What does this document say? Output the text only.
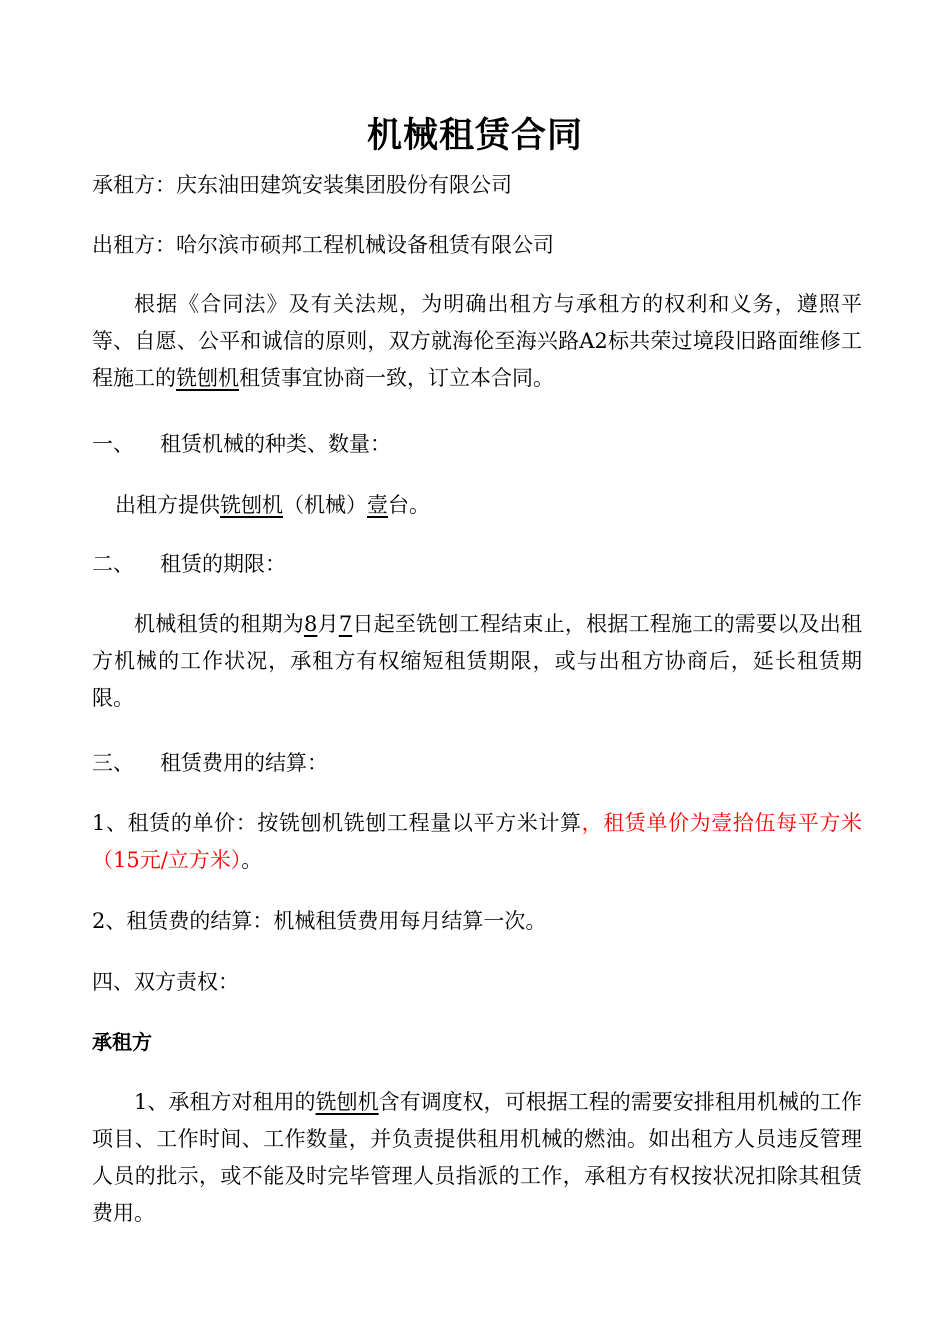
机械租赁合同
承租方：庆东油田建筑安装集团股份有限公司
出租方：哈尔滨市硕邦工程机械设备租赁有限公司
根据《合同法》及有关法规，为明确出租方与承租方的权利和义务，遵照平等、自愿、公平和诚信的原则，双方就海伦至海兴路A2标共荣过境段旧路面维修工程施工的铣刨机租赁事宜协商一致，订立本合同。
一、 租赁机械的种类、数量：
出租方提供铣刨机（机械）壹台。
二、 租赁的期限：
机械租赁的租期为8月7日起至铣刨工程结束止，根据工程施工的需要以及出租方机械的工作状况，承租方有权缩短租赁期限，或与出租方协商后，延长租赁期限。
三、 租赁费用的结算：
1、租赁的单价：按铣刨机铣刨工程量以平方米计算，租赁单价为壹拾伍每平方米（15元/立方米）。
2、租赁费的结算：机械租赁费用每月结算一次。
四、双方责权：
承租方
1、承租方对租用的铣刨机含有调度权，可根据工程的需要安排租用机械的工作项目、工作时间、工作数量，并负责提供租用机械的燃油。如出租方人员违反管理人员的批示，或不能及时完毕管理人员指派的工作，承租方有权按状况扣除其租赁费用。
